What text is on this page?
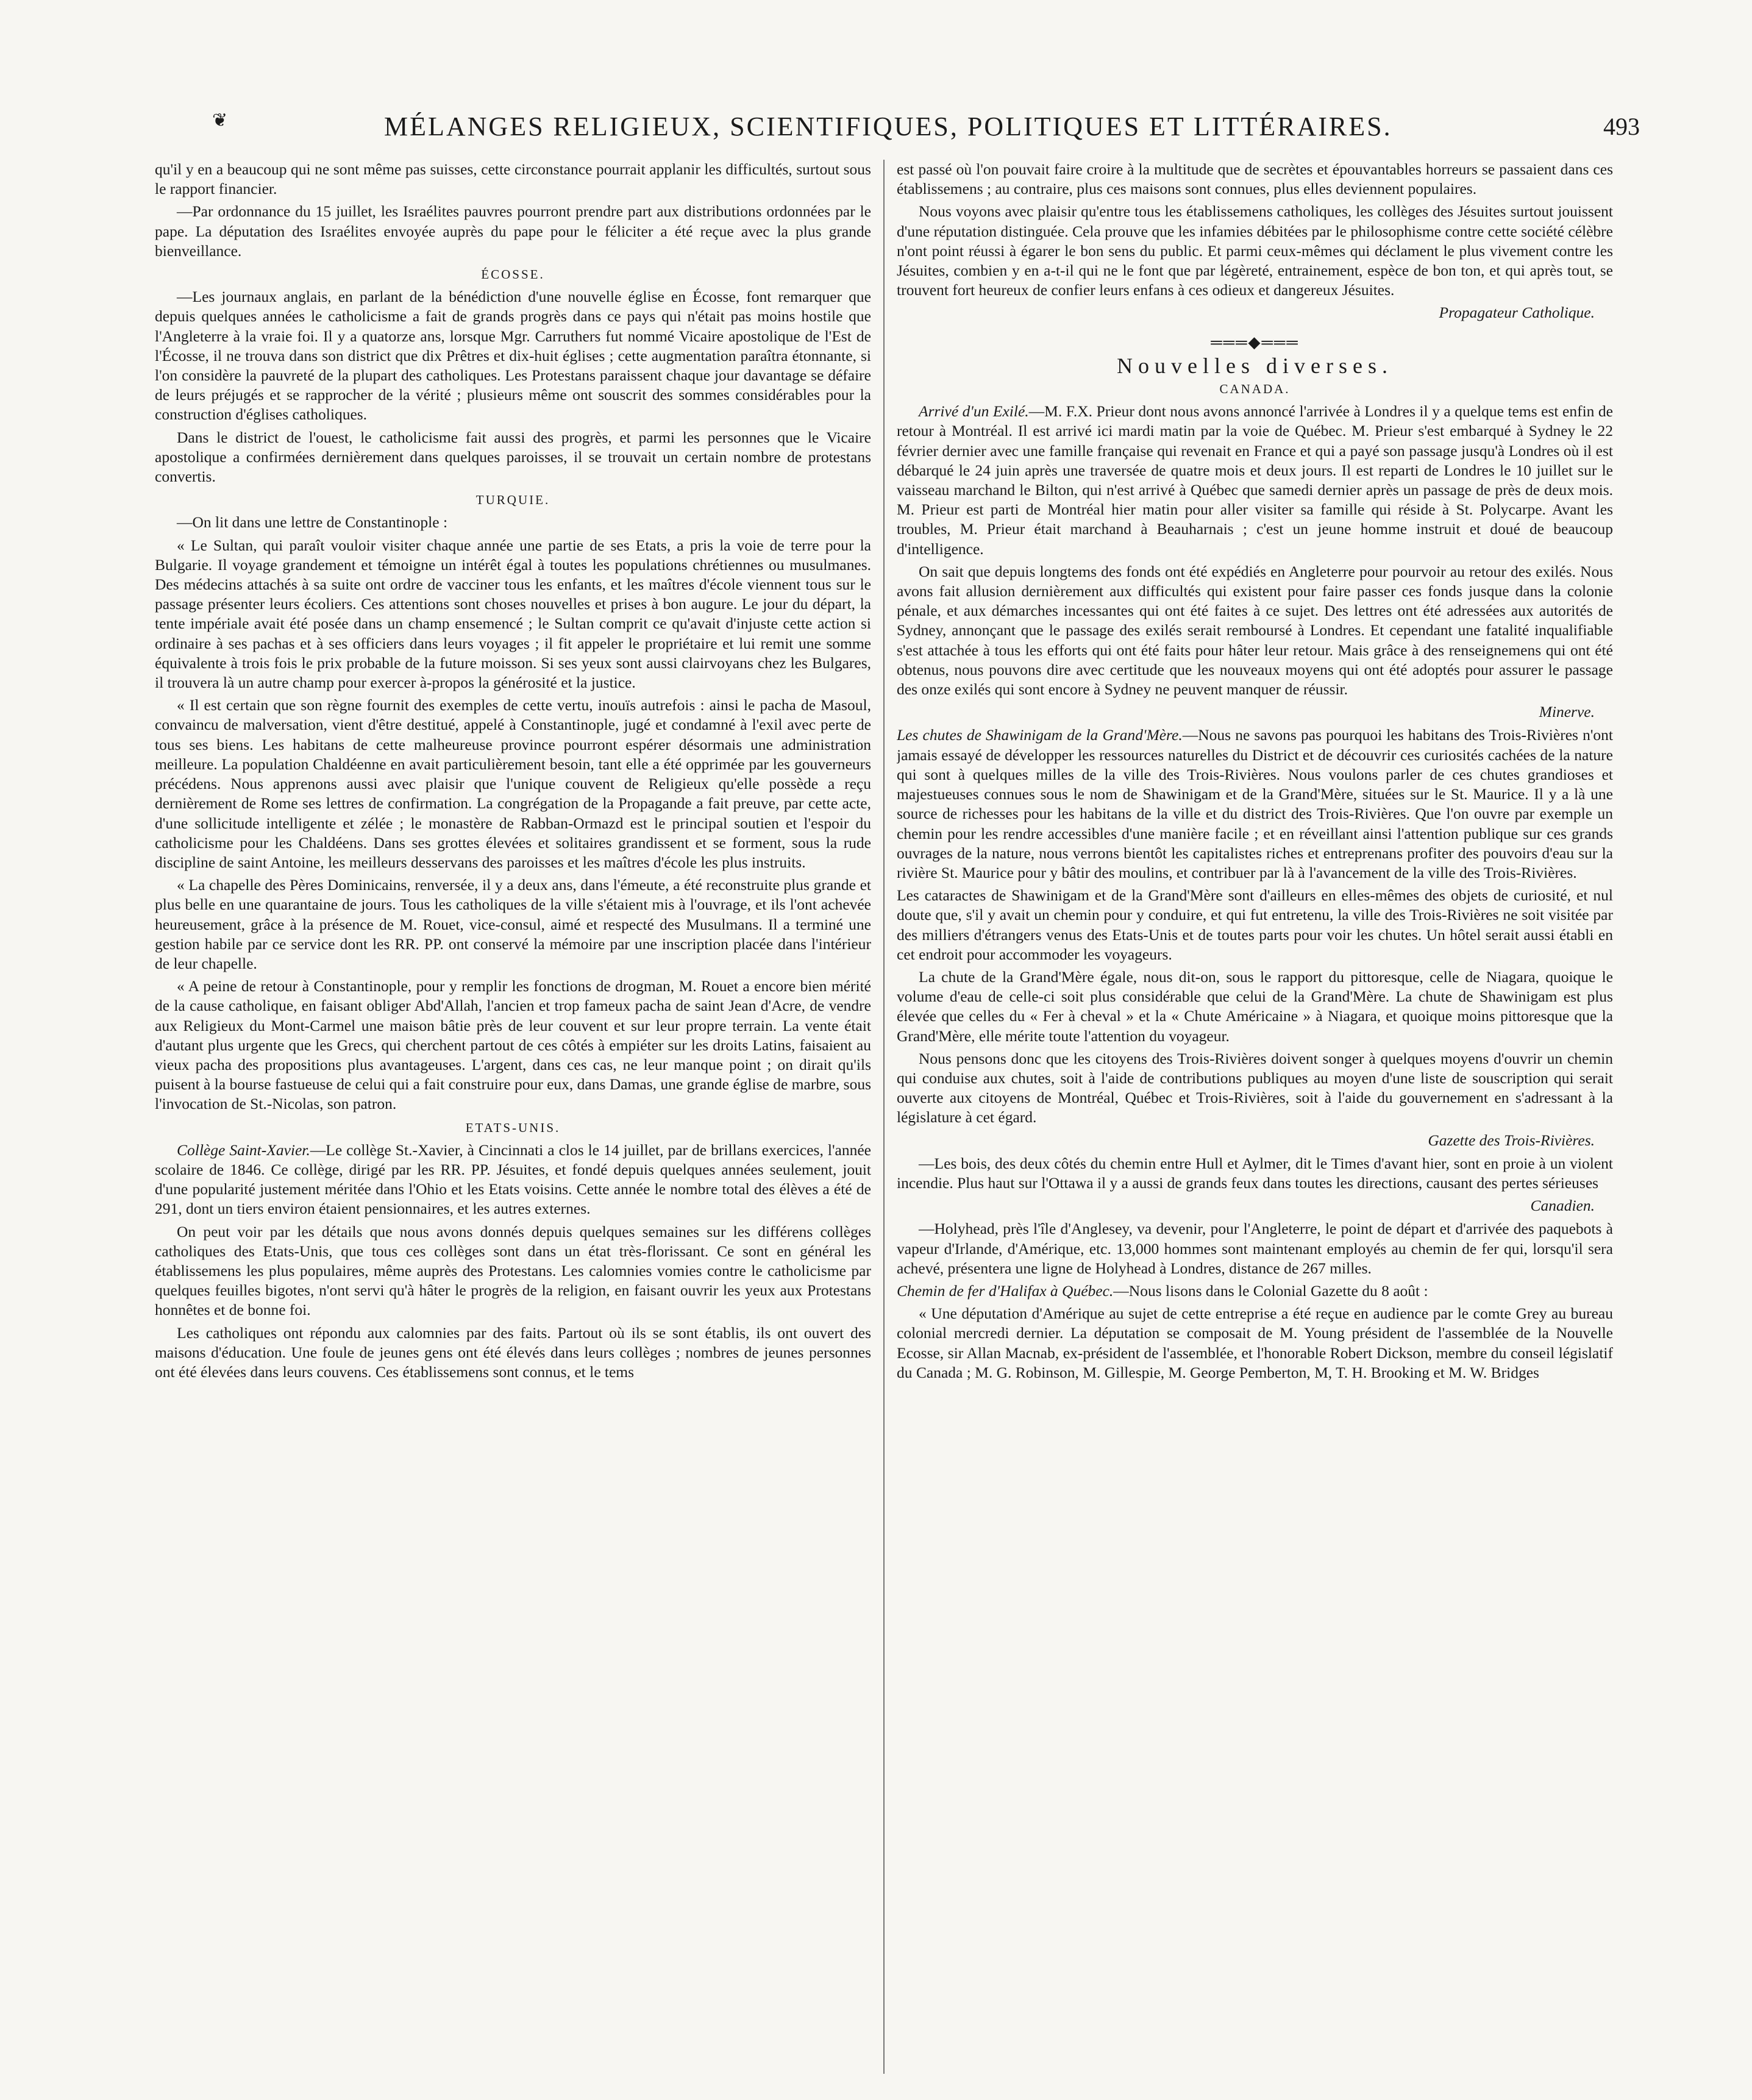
❦	MÉLANGES RELIGIEUX, SCIENTIFIQUES, POLITIQUES ET LITTÉRAIRES.	493

qu'il y en a beaucoup qui ne sont même pas suisses, cette circonstance pourrait applanir les difficultés, surtout sous le rapport financier.

—Par ordonnance du 15 juillet, les Israélites pauvres pourront prendre part aux distributions ordonnées par le pape. La députation des Israélites envoyée auprès du pape pour le féliciter a été reçue avec la plus grande bienveillance.

ÉCOSSE.

—Les journaux anglais, en parlant de la bénédiction d'une nouvelle église en Écosse, font remarquer que depuis quelques années le catholicisme a fait de grands progrès dans ce pays qui n'était pas moins hostile que l'Angleterre à la vraie foi. Il y a quatorze ans, lorsque Mgr. Carruthers fut nommé Vicaire apostolique de l'Est de l'Écosse, il ne trouva dans son district que dix Prêtres et dix-huit églises ; cette augmentation paraîtra étonnante, si l'on considère la pauvreté de la plupart des catholiques. Les Protestans paraissent chaque jour davantage se défaire de leurs préjugés et se rapprocher de la vérité ; plusieurs même ont souscrit des sommes considérables pour la construction d'églises catholiques.

Dans le district de l'ouest, le catholicisme fait aussi des progrès, et parmi les personnes que le Vicaire apostolique a confirmées dernièrement dans quelques paroisses, il se trouvait un certain nombre de protestans convertis.

TURQUIE.

—On lit dans une lettre de Constantinople :

« Le Sultan, qui paraît vouloir visiter chaque année une partie de ses Etats, a pris la voie de terre pour la Bulgarie. Il voyage grandement et témoigne un intérêt égal à toutes les populations chrétiennes ou musulmanes. Des médecins attachés à sa suite ont ordre de vacciner tous les enfants, et les maîtres d'école viennent tous sur le passage présenter leurs écoliers. Ces attentions sont choses nouvelles et prises à bon augure. Le jour du départ, la tente impériale avait été posée dans un champ ensemencé ; le Sultan comprit ce qu'avait d'injuste cette action si ordinaire à ses pachas et à ses officiers dans leurs voyages ; il fit appeler le propriétaire et lui remit une somme équivalente à trois fois le prix probable de la future moisson. Si ses yeux sont aussi clairvoyans chez les Bulgares, il trouvera là un autre champ pour exercer à-propos la générosité et la justice.

« Il est certain que son règne fournit des exemples de cette vertu, inouïs autrefois : ainsi le pacha de Masoul, convaincu de malversation, vient d'être destitué, appelé à Constantinople, jugé et condamné à l'exil avec perte de tous ses biens. Les habitans de cette malheureuse province pourront espérer désormais une administration meilleure. La population Chaldéenne en avait particulièrement besoin, tant elle a été opprimée par les gouverneurs précédens. Nous apprenons aussi avec plaisir que l'unique couvent de Religieux qu'elle possède a reçu dernièrement de Rome ses lettres de confirmation. La congrégation de la Propagande a fait preuve, par cette acte, d'une sollicitude intelligente et zélée ; le monastère de Rabban-Ormazd est le principal soutien et l'espoir du catholicisme pour les Chaldéens. Dans ses grottes élevées et solitaires grandissent et se forment, sous la rude discipline de saint Antoine, les meilleurs desservans des paroisses et les maîtres d'école les plus instruits.

« La chapelle des Pères Dominicains, renversée, il y a deux ans, dans l'émeute, a été reconstruite plus grande et plus belle en une quarantaine de jours. Tous les catholiques de la ville s'étaient mis à l'ouvrage, et ils l'ont achevée heureusement, grâce à la présence de M. Rouet, vice-consul, aimé et respecté des Musulmans. Il a terminé une gestion habile par ce service dont les RR. PP. ont conservé la mémoire par une inscription placée dans l'intérieur de leur chapelle.

« A peine de retour à Constantinople, pour y remplir les fonctions de drogman, M. Rouet a encore bien mérité de la cause catholique, en faisant obliger Abd'Allah, l'ancien et trop fameux pacha de saint Jean d'Acre, de vendre aux Religieux du Mont-Carmel une maison bâtie près de leur couvent et sur leur propre terrain. La vente était d'autant plus urgente que les Grecs, qui cherchent partout de ces côtés à empiéter sur les droits Latins, faisaient au vieux pacha des propositions plus avantageuses. L'argent, dans ces cas, ne leur manque point ; on dirait qu'ils puisent à la bourse fastueuse de celui qui a fait construire pour eux, dans Damas, une grande église de marbre, sous l'invocation de St.-Nicolas, son patron.

ETATS-UNIS.

Collège Saint-Xavier.—Le collège St.-Xavier, à Cincinnati a clos le 14 juillet, par de brillans exercices, l'année scolaire de 1846. Ce collège, dirigé par les RR. PP. Jésuites, et fondé depuis quelques années seulement, jouit d'une popularité justement méritée dans l'Ohio et les Etats voisins. Cette année le nombre total des élèves a été de 291, dont un tiers environ étaient pensionnaires, et les autres externes.

On peut voir par les détails que nous avons donnés depuis quelques semaines sur les différens collèges catholiques des Etats-Unis, que tous ces collèges sont dans un état très-florissant. Ce sont en général les établissemens les plus populaires, même auprès des Protestans. Les calomnies vomies contre le catholicisme par quelques feuilles bigotes, n'ont servi qu'à hâter le progrès de la religion, en faisant ouvrir les yeux aux Protestans honnêtes et de bonne foi.

Les catholiques ont répondu aux calomnies par des faits. Partout où ils se sont établis, ils ont ouvert des maisons d'éducation. Une foule de jeunes gens ont été élevés dans leurs collèges ; nombres de jeunes personnes ont été élevées dans leurs couvens. Ces établissemens sont connus, et le tems

est passé où l'on pouvait faire croire à la multitude que de secrètes et épouvantables horreurs se passaient dans ces établissemens ; au contraire, plus ces maisons sont connues, plus elles deviennent populaires.

Nous voyons avec plaisir qu'entre tous les établissemens catholiques, les collèges des Jésuites surtout jouissent d'une réputation distinguée. Cela prouve que les infamies débitées par le philosophisme contre cette société célèbre n'ont point réussi à égarer le bon sens du public. Et parmi ceux-mêmes qui déclament le plus vivement contre les Jésuites, combien y en a-t-il qui ne le font que par légèreté, entrainement, espèce de bon ton, et qui après tout, se trouvent fort heureux de confier leurs enfans à ces odieux et dangereux Jésuites.

Propagateur Catholique.
═══◆═══
Nouvelles diverses.
CANADA.

Arrivé d'un Exilé.—M. F.X. Prieur dont nous avons annoncé l'arrivée à Londres il y a quelque tems est enfin de retour à Montréal. Il est arrivé ici mardi matin par la voie de Québec. M. Prieur s'est embarqué à Sydney le 22 février dernier avec une famille française qui revenait en France et qui a payé son passage jusqu'à Londres où il est débarqué le 24 juin après une traversée de quatre mois et deux jours. Il est reparti de Londres le 10 juillet sur le vaisseau marchand le Bilton, qui n'est arrivé à Québec que samedi dernier après un passage de près de deux mois. M. Prieur est parti de Montréal hier matin pour aller visiter sa famille qui réside à St. Polycarpe. Avant les troubles, M. Prieur était marchand à Beauharnais ; c'est un jeune homme instruit et doué de beaucoup d'intelligence.

On sait que depuis longtems des fonds ont été expédiés en Angleterre pour pourvoir au retour des exilés. Nous avons fait allusion dernièrement aux difficultés qui existent pour faire passer ces fonds jusque dans la colonie pénale, et aux démarches incessantes qui ont été faites à ce sujet. Des lettres ont été adressées aux autorités de Sydney, annonçant que le passage des exilés serait remboursé à Londres. Et cependant une fatalité inqualifiable s'est attachée à tous les efforts qui ont été faits pour hâter leur retour. Mais grâce à des renseignemens qui ont été obtenus, nous pouvons dire avec certitude que les nouveaux moyens qui ont été adoptés pour assurer le passage des onze exilés qui sont encore à Sydney ne peuvent manquer de réussir.

Minerve.

Les chutes de Shawinigam de la Grand'Mère.—Nous ne savons pas pourquoi les habitans des Trois-Rivières n'ont jamais essayé de développer les ressources naturelles du District et de découvrir ces curiosités cachées de la nature qui sont à quelques milles de la ville des Trois-Rivières. Nous voulons parler de ces chutes grandioses et majestueuses connues sous le nom de Shawinigam et de la Grand'Mère, situées sur le St. Maurice. Il y a là une source de richesses pour les habitans de la ville et du district des Trois-Rivières. Que l'on ouvre par exemple un chemin pour les rendre accessibles d'une manière facile ; et en réveillant ainsi l'attention publique sur ces grands ouvrages de la nature, nous verrons bientôt les capitalistes riches et entreprenans profiter des pouvoirs d'eau sur la rivière St. Maurice pour y bâtir des moulins, et contribuer par là à l'avancement de la ville des Trois-Rivières.

Les cataractes de Shawinigam et de la Grand'Mère sont d'ailleurs en elles-mêmes des objets de curiosité, et nul doute que, s'il y avait un chemin pour y conduire, et qui fut entretenu, la ville des Trois-Rivières ne soit visitée par des milliers d'étrangers venus des Etats-Unis et de toutes parts pour voir les chutes. Un hôtel serait aussi établi en cet endroit pour accommoder les voyageurs.

La chute de la Grand'Mère égale, nous dit-on, sous le rapport du pittoresque, celle de Niagara, quoique le volume d'eau de celle-ci soit plus considérable que celui de la Grand'Mère. La chute de Shawinigam est plus élevée que celles du « Fer à cheval » et la « Chute Américaine » à Niagara, et quoique moins pittoresque que la Grand'Mère, elle mérite toute l'attention du voyageur.

Nous pensons donc que les citoyens des Trois-Rivières doivent songer à quelques moyens d'ouvrir un chemin qui conduise aux chutes, soit à l'aide de contributions publiques au moyen d'une liste de souscription qui serait ouverte aux citoyens de Montréal, Québec et Trois-Rivières, soit à l'aide du gouvernement en s'adressant à la législature à cet égard.

Gazette des Trois-Rivières.

—Les bois, des deux côtés du chemin entre Hull et Aylmer, dit le Times d'avant hier, sont en proie à un violent incendie. Plus haut sur l'Ottawa il y a aussi de grands feux dans toutes les directions, causant des pertes sérieuses

Canadien.

—Holyhead, près l'île d'Anglesey, va devenir, pour l'Angleterre, le point de départ et d'arrivée des paquebots à vapeur d'Irlande, d'Amérique, etc. 13,000 hommes sont maintenant employés au chemin de fer qui, lorsqu'il sera achevé, présentera une ligne de Holyhead à Londres, distance de 267 milles.

Chemin de fer d'Halifax à Québec.—Nous lisons dans le Colonial Gazette du 8 août :

« Une députation d'Amérique au sujet de cette entreprise a été reçue en audience par le comte Grey au bureau colonial mercredi dernier. La députation se composait de M. Young président de l'assemblée de la Nouvelle Ecosse, sir Allan Macnab, ex-président de l'assemblée, et l'honorable Robert Dickson, membre du conseil législatif du Canada ; M. G. Robinson, M. Gillespie, M. George Pemberton, M, T. H. Brooking et M. W. Bridges
